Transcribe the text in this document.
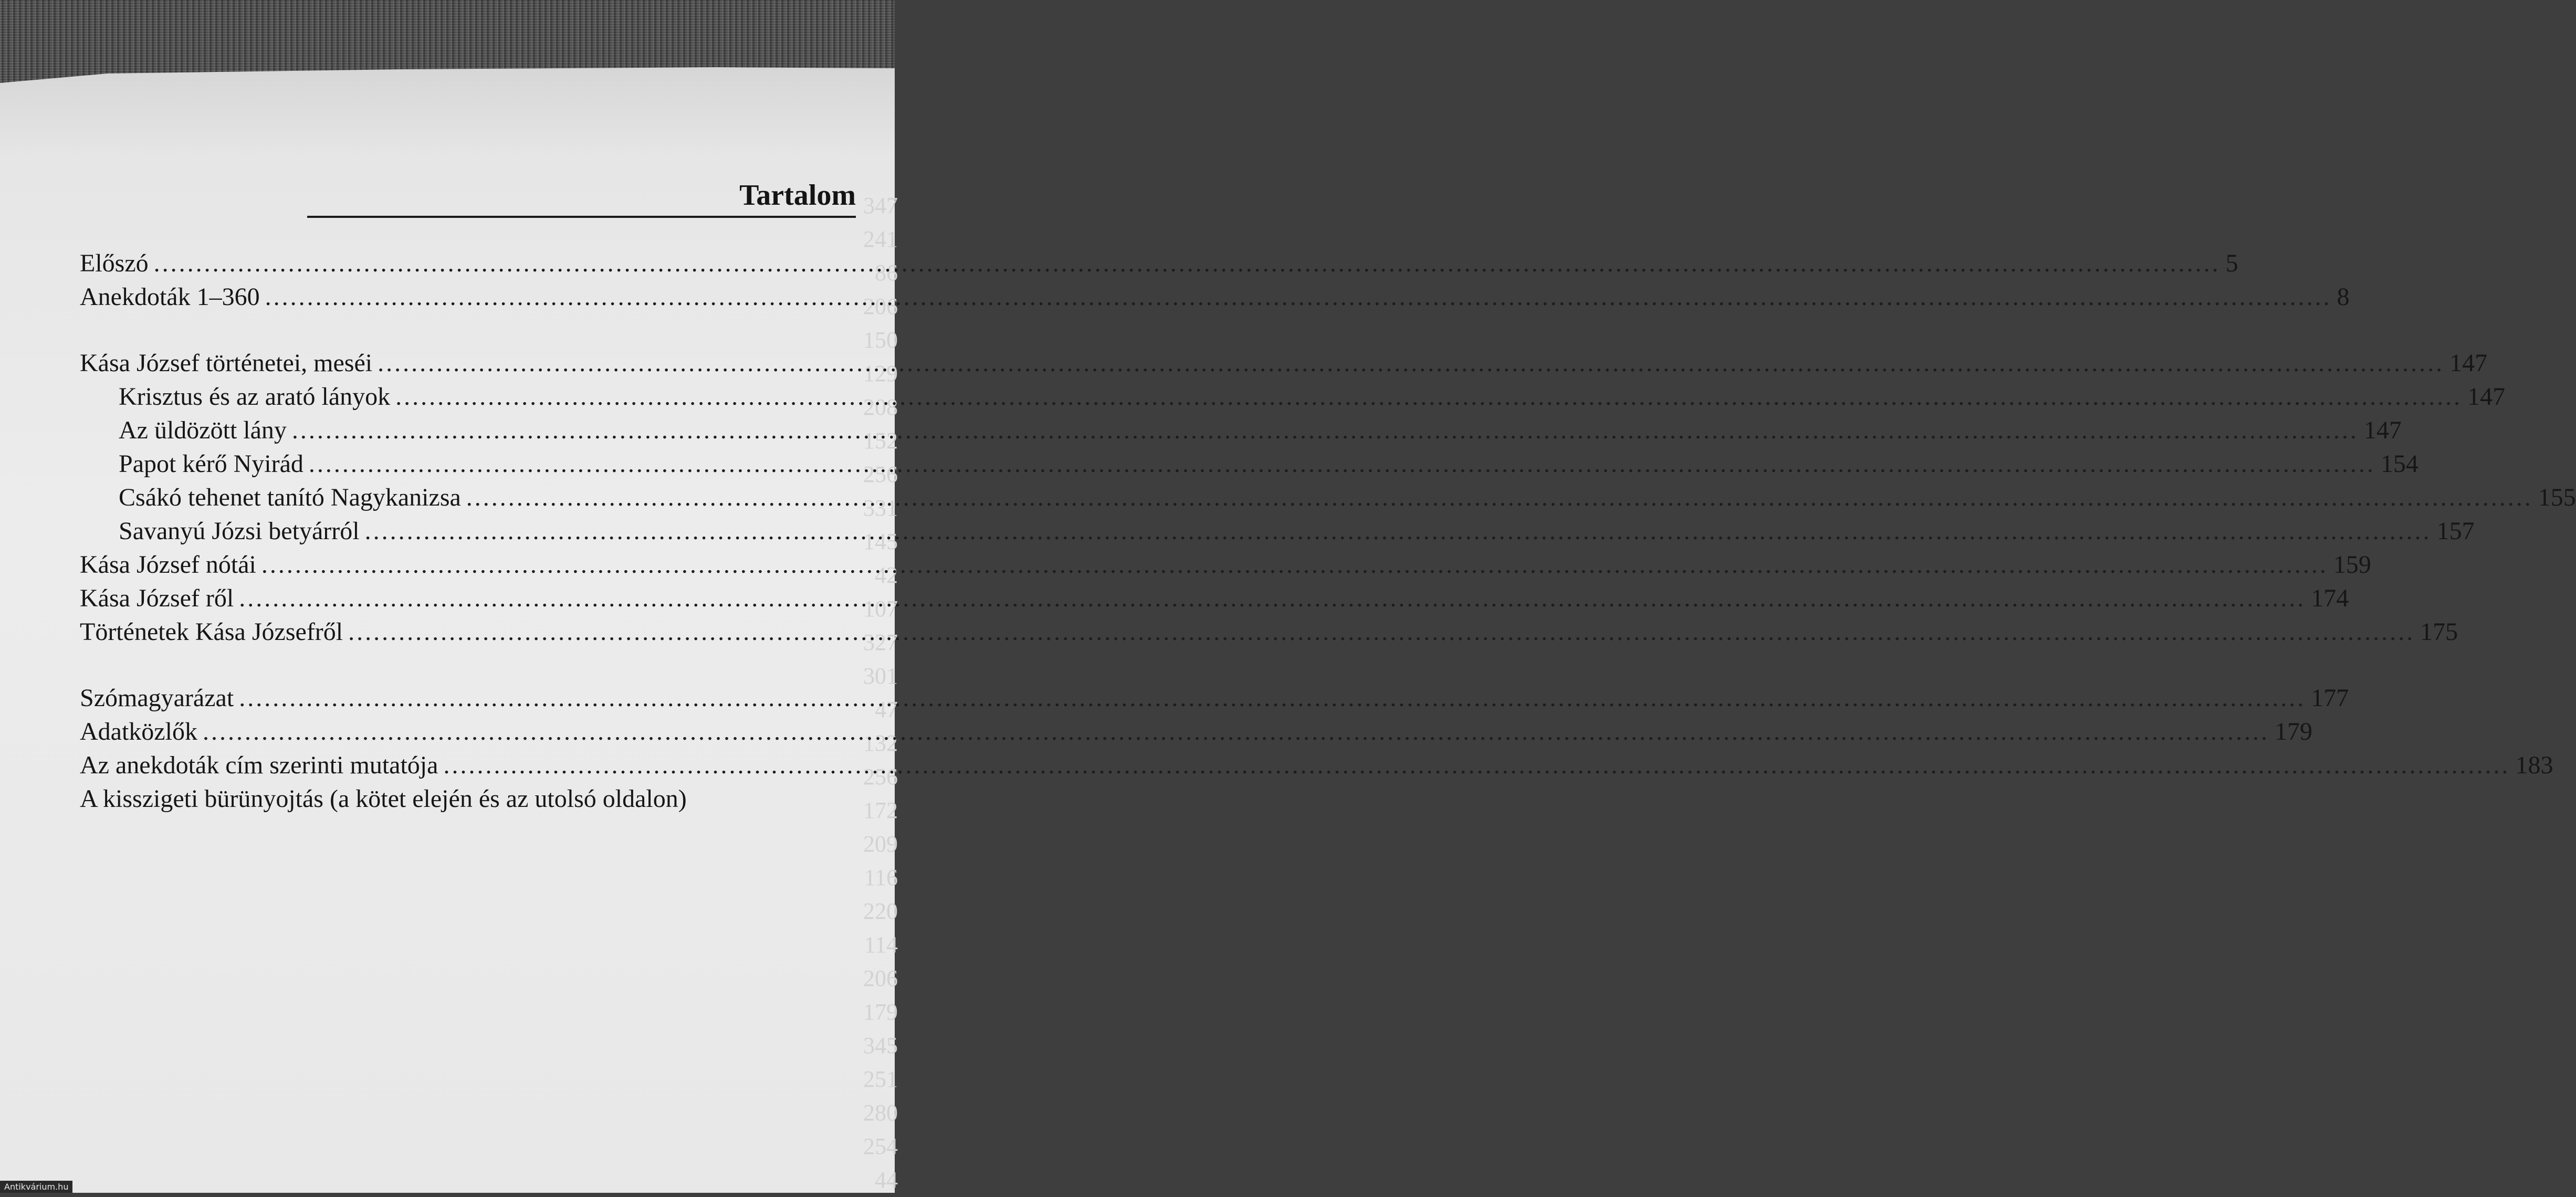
347
241
86
206
150
129
208
152
256
331
145
42
107
327
301
47
132
256
172
209
116
220
114
206
179
345
251
280
254
44
Tartalom
Előszó .....	5
Anekdoták 1–360 .....	8
Kása József történetei, meséi .....	147
Krisztus és az arató lányok .....	147
Az üldözött lány .....	147
Papot kérő Nyirád .....	154
Csákó tehenet tanító Nagykanizsa .....	155
Savanyú Józsi betyárról .....	157
Kása József nótái .....	159
Kása József ről .....	174
Történetek Kása Józsefről .....	175
Szómagyarázat .....	177
Adatközlők .....	179
Az anekdoták cím szerinti mutatója .....	183
A kisszigeti bürünyojtás (a kötet elején és az utolsó oldalon)
Antikvárium.hu
